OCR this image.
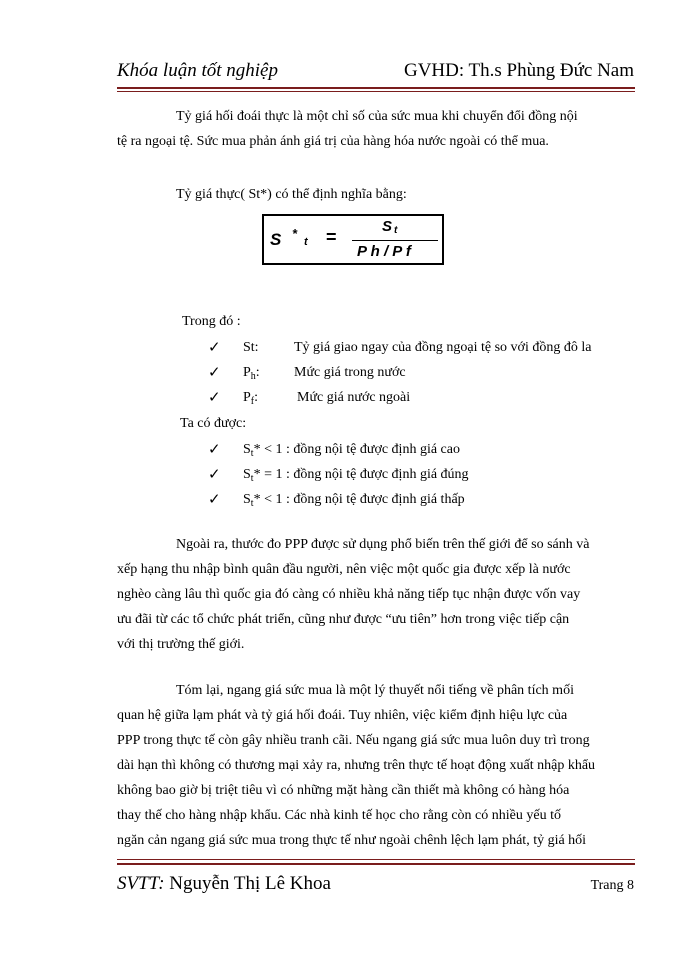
Khóa luận tốt nghiệp	GVHD: Th.s Phùng Đức Nam
Tỷ giá hối đoái thực là một chỉ số của sức mua khi chuyển đổi đồng nội
tệ ra ngoại tệ. Sức mua phản ánh giá trị của hàng hóa nước ngoài có thể mua.
Tỷ giá thực( St*) có thể định nghĩa bằng:
S *
t =
S t
P h / P f
Trong đó :
✓ St:	Tỷ giá giao ngay của đồng ngoại tệ so với đồng đô la
✓ $P_h$: Mức giá trong nước
✓ $P_f$:	Mức giá nước ngoài
Ta có được:
✓ $S_t* < 1$ : đồng nội tệ được định giá cao
✓ $S_t* = 1$ : đồng nội tệ được định giá đúng
✓ $S_t* < 1$ : đồng nội tệ được định giá thấp
Ngoài ra, thước đo PPP được sử dụng phổ biến trên thế giới để so sánh và
xếp hạng thu nhập bình quân đầu người, nên việc một quốc gia được xếp là nước
nghèo càng lâu thì quốc gia đó càng có nhiều khả năng tiếp tục nhận được vốn vay
ưu đãi từ các tổ chức phát triển, cũng như được “ưu tiên” hơn trong việc tiếp cận
với thị trường thế giới.
Tóm lại, ngang giá sức mua là một lý thuyết nổi tiếng về phân tích mối
quan hệ giữa lạm phát và tỷ giá hối đoái. Tuy nhiên, việc kiểm định hiệu lực của
PPP trong thực tế còn gây nhiều tranh cãi. Nếu ngang giá sức mua luôn duy trì trong
dài hạn thì không có thương mại xảy ra, nhưng trên thực tế hoạt động xuất nhập khẩu
không bao giờ bị triệt tiêu vì có những mặt hàng cần thiết mà không có hàng hóa
thay thế cho hàng nhập khẩu. Các nhà kinh tế học cho rằng còn có nhiều yếu tố
ngăn cản ngang giá sức mua trong thực tế như ngoài chênh lệch lạm phát, tỷ giá hối
SVTT: Nguyễn Thị Lê Khoa	Trang 8
